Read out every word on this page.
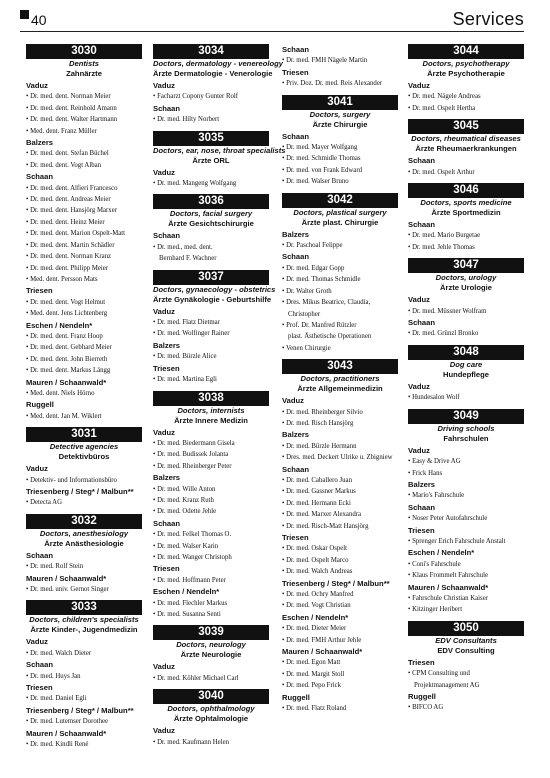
40	Services
3030
Dentists
Zahnärzte
Vaduz
• Dr. med. dent. Norman Meier
• Dr. med. dent. Reinhold Amann
• Dr. med. dent. Walter Hartmann
• Med. dent. Franz Müller
Balzers
• Dr. med. dent. Stefan Büchel
• Dr. med. dent. Vogt Alban
Schaan
• Dr. med. dent. Alfieri Francesco
• Dr. med. dent. Andreas Meier
• Dr. med. dent. Hansjörg Marxer
• Dr. med. dent. Heinz Meier
• Dr. med. dent. Marion Ospelt-Matt
• Dr. med. dent. Martin Schädler
• Dr. med. dent. Norman Kranz
• Dr. med. dent. Philipp Meier
• Med. dent. Persson Mats
Triesen
• Dr. med. dent. Vogt Helmut
• Med. dent. Jens Lichtenberg
Eschen / Nendeln*
• Dr. med. dent. Franz Hoop
• Dr. med. dent. Gebhard Meier
• Dr. med. dent. John Bierreth
• Dr. med. dent. Markus Längg
Mauren / Schaanwald*
• Med. dent. Niels Hörno
Ruggell
• Med. dent. Jan M. Wiklert
3031
Detective agencies
Detektivbüros
Vaduz
• Detektiv- und Informationsbüro
Triesenberg / Steg* / Malbun**
• Detecta AG
3032
Doctors, anesthesiology
Ärzte Anästhesiologie
Schaan
• Dr. med. Rolf Stein
Mauren / Schaanwald*
• Dr. med. univ. Gernot Singer
3033
Doctors, children's specialists
Ärzte Kinder-, Jugendmedizin
Vaduz
• Dr. med. Walch Dieter
Schaan
• Dr. med. Huys Jan
Triesen
• Dr. med. Daniel Egli
Triesenberg / Steg* / Malbun**
• Dr. med. Lutemser Dorothee
Mauren / Schaanwald*
• Dr. med. Kindli René
3034
Doctors, dermatology - venereology
Ärzte Dermatologie - Venerologie
Vaduz
• Facharzt Copony Gunter Rolf
Schaan
• Dr. med. Hilty Norbert
3035
Doctors, ear, nose, throat specialists
Ärzte ORL
Vaduz
• Dr. med. Mangeng Wolfgang
3036
Doctors, facial surgery
Ärzte Gesichtschirurgie
Schaan
• Dr. med., med. dent.
Bernhard F. Wachner
3037
Doctors, gynaecology - obstetrics
Ärzte Gynäkologie - Geburtshilfe
Vaduz
• Dr. med. Flatz Dietmar
• Dr. med. Wolfinger Rainer
Balzers
• Dr. med. Bürzle Alice
Triesen
• Dr. med. Martina Egli
3038
Doctors, internists
Ärzte Innere Medizin
Vaduz
• Dr. med. Biedermann Gisela
• Dr. med. Budissek Jolanta
• Dr. med. Rheinberger Peter
Balzers
• Dr. med. Wille Anton
• Dr. med. Kranz Ruth
• Dr. med. Odette Jehle
Schaan
• Dr. med. Felkel Thomas O.
• Dr. med. Walser Karin
• Dr. med. Wanger Christoph
Triesen
• Dr. med. Hoffmann Peter
Eschen / Nendeln*
• Dr. med. Flechler Markus
• Dr. med. Susanna Senti
3039
Doctors, neurology
Ärzte Neurologie
Vaduz
• Dr. med. Köhler Michael Carl
3040
Doctors, ophthalmology
Ärzte Ophtalmologie
Vaduz
• Dr. med. Kaufmann Helen
Schaan
• Dr. med. FMH Nägele Martin
Triesen
• Priv. Doz. Dr. med. Reis Alexander
3041
Doctors, surgery
Ärzte Chirurgie
Schaan
• Dr. med. Mayer Wolfgang
• Dr. med. Schmidle Thomas
• Dr. med. von Frank Edward
• Dr. med. Walser Bruno
3042
Doctors, plastical surgery
Ärzte plast. Chirurgie
Balzers
• Dr. Paschoal Felippe
Schaan
• Dr. med. Edgar Gopp
• Dr. med. Thomas Schmidle
• Dr. Walter Groth
• Dres. Mikus Beatrice, Claudia,
Christopher
• Prof. Dr. Manfred Rützler
plast. Ästhetische Operationen
• Venen Chirurgie
3043
Doctors, practitioners
Ärzte Allgemeinmedizin
Vaduz
• Dr. med. Rheinberger Silvio
• Dr. med. Risch Hansjörg
Balzers
• Dr. med. Bürzle Hermann
• Dres. med. Deckert Ulrike u. Zbigniew
Schaan
• Dr. med. Caballero Juan
• Dr. med. Gassner Markus
• Dr. med. Hermann Ecki
• Dr. med. Marxer Alexandra
• Dr. med. Risch-Matt Hansjörg
Triesen
• Dr. med. Oskar Ospelt
• Dr. med. Ospelt Marco
• Dr. med. Walch Andreas
Triesenberg / Steg* / Malbun**
• Dr. med. Ochry Manfred
• Dr. med. Vogt Christian
Eschen / Nendeln*
• Dr. med. Dieter Meier
• Dr. med. FMH Arthur Jehle
Mauren / Schaanwald*
• Dr. med. Egon Matt
• Dr. med. Margit Stoll
• Dr. med. Pepo Frick
Ruggell
• Dr. med. Flatz Roland
3044
Doctors, psychotherapy
Ärzte Psychotherapie
Vaduz
• Dr. med. Nägele Andreas
• Dr. med. Ospelt Hertha
3045
Doctors, rheumatical diseases
Ärzte Rheumaerkrankungen
Schaan
• Dr. med. Ospelt Arthur
3046
Doctors, sports medicine
Ärzte Sportmedizin
Schaan
• Dr. med. Mario Burgetae
• Dr. med. Jehle Thomas
3047
Doctors, urology
Ärzte Urologie
Vaduz
• Dr. med. Müssner Wolfram
Schaan
• Dr. med. Grünzl Bronko
3048
Dog care
Hundepflege
Vaduz
• Hundesalon Wolf
3049
Driving schools
Fahrschulen
Vaduz
• Easy & Drive AG
• Frick Hans
Balzers
• Mario's Fahrschule
Schaan
• Noser Peter Autofahrschule
Triesen
• Sprenger Erich Fahrschule Anstalt
Eschen / Nendeln*
• Coni's Fahrschule
• Klaus Frommelt Fahrschule
Mauren / Schaanwald*
• Fahrschule Christian Kaiser
• Kitzinger Heribert
3050
EDV Consultants
EDV Consulting
Triesen
• CPM Consulting und
Projektmanagement AG
Ruggell
• BIFCO AG
